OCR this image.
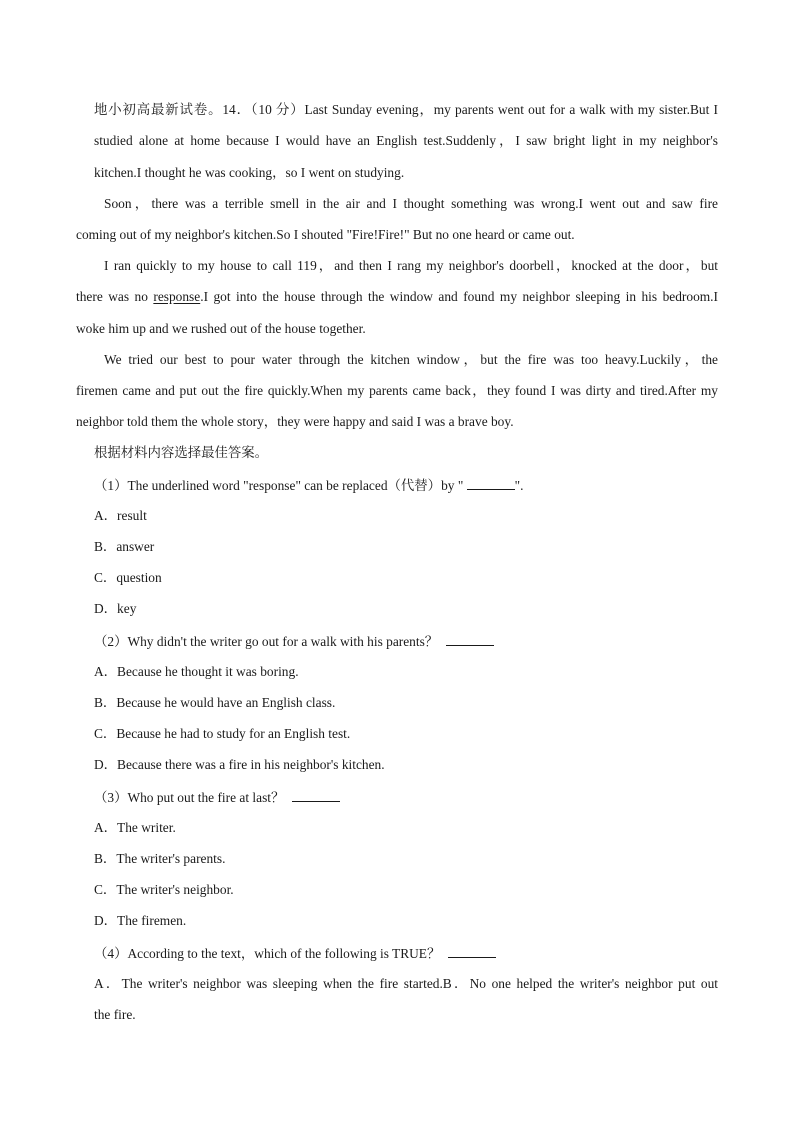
地小初高最新试卷。14．（10 分）Last Sunday evening，my parents went out for a walk with my sister.But I
studied alone at home because I would have an English test.Suddenly，I saw bright light in my neighbor's
kitchen.I thought he was cooking，so I went on studying.
Soon，there was a terrible smell in the air and I thought something was wrong.I went out and saw fire
coming out of my neighbor's kitchen.So I shouted "Fire!Fire!" But no one heard or came out.
I ran quickly to my house to call 119，and then I rang my neighbor's doorbell，knocked at the door，but
there was no response.I got into the house through the window and found my neighbor sleeping in his bedroom.I
woke him up and we rushed out of the house together.
We tried our best to pour water through the kitchen window，but the fire was too heavy.Luckily，the
firemen came and put out the fire quickly.When my parents came back，they found I was dirty and tired.After my
neighbor told them the whole story，they were happy and said I was a brave boy.
根据材料内容选择最佳答案。
（1）The underlined word "response" can be replaced（代替）by "	".
A．result
B．answer
C．question
D．key
（2）Why didn't the writer go out for a walk with his parents？
A．Because he thought it was boring.
B．Because he would have an English class.
C．Because he had to study for an English test.
D．Because there was a fire in his neighbor's kitchen.
（3）Who put out the fire at last？
A．The writer.
B．The writer's parents.
C．The writer's neighbor.
D．The firemen.
（4）According to the text，which of the following is TRUE？
A．The writer's neighbor was sleeping when the fire started.B．No one helped the writer's neighbor put out
the fire.
